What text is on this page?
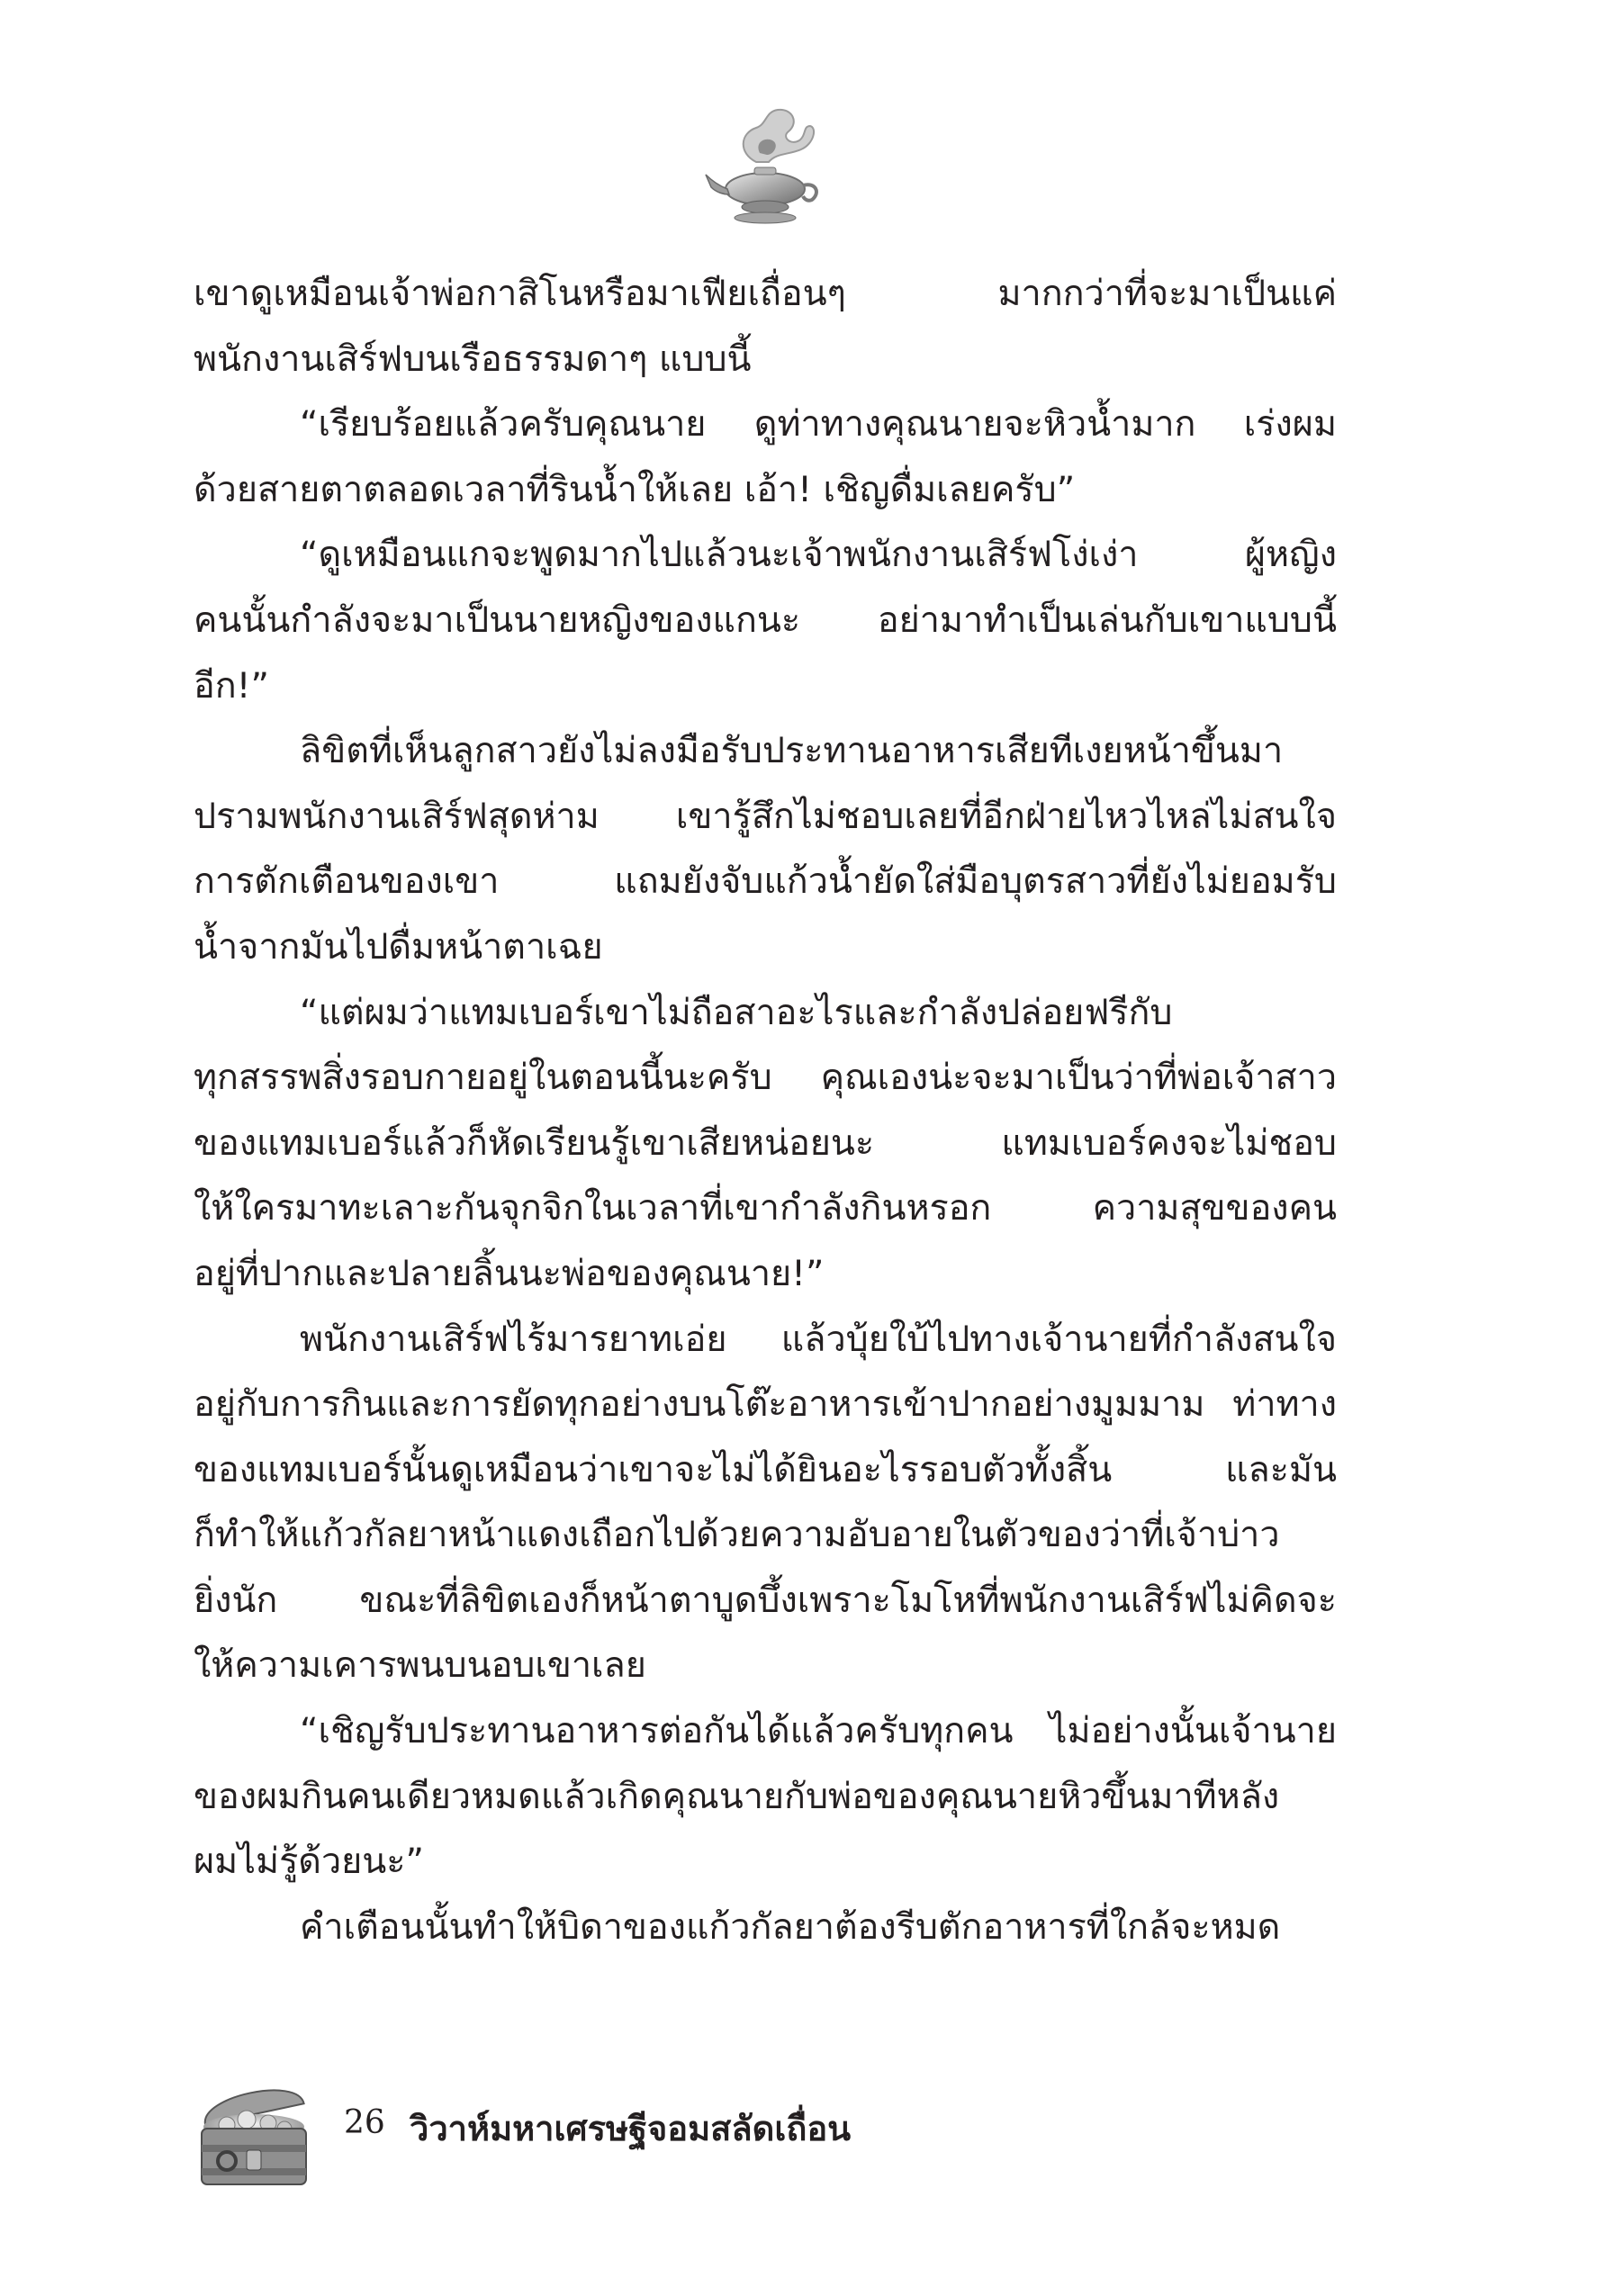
เขาดูเหมือนเจ้าพ่อกาสิโนหรือมาเฟียเถื่อนๆ มากกว่าที่จะมาเป็นแค่
พนักงานเสิร์ฟบนเรือธรรมดาๆ แบบนี้
“เรียบร้อยแล้วครับคุณนาย ดูท่าทางคุณนายจะหิวน้ำมาก เร่งผม
ด้วยสายตาตลอดเวลาที่รินน้ำให้เลย เอ้า! เชิญดื่มเลยครับ”
“ดูเหมือนแกจะพูดมากไปแล้วนะเจ้าพนักงานเสิร์ฟโง่เง่า ผู้หญิง
คนนั้นกำลังจะมาเป็นนายหญิงของแกนะ อย่ามาทำเป็นเล่นกับเขาแบบนี้
อีก!”
ลิขิตที่เห็นลูกสาวยังไม่ลงมือรับประทานอาหารเสียทีเงยหน้าขึ้นมา
ปรามพนักงานเสิร์ฟสุดห่าม เขารู้สึกไม่ชอบเลยที่อีกฝ่ายไหวไหล่ไม่สนใจ
การตักเตือนของเขา แถมยังจับแก้วน้ำยัดใส่มือบุตรสาวที่ยังไม่ยอมรับ
น้ำจากมันไปดื่มหน้าตาเฉย
“แต่ผมว่าแทมเบอร์เขาไม่ถือสาอะไรและกำลังปล่อยฟรีกับ
ทุกสรรพสิ่งรอบกายอยู่ในตอนนี้นะครับ คุณเองน่ะจะมาเป็นว่าที่พ่อเจ้าสาว
ของแทมเบอร์แล้วก็หัดเรียนรู้เขาเสียหน่อยนะ แทมเบอร์คงจะไม่ชอบ
ให้ใครมาทะเลาะกันจุกจิกในเวลาที่เขากำลังกินหรอก ความสุขของคน
อยู่ที่ปากและปลายลิ้นนะพ่อของคุณนาย!”
พนักงานเสิร์ฟไร้มารยาทเอ่ย แล้วบุ้ยใบ้ไปทางเจ้านายที่กำลังสนใจ
อยู่กับการกินและการยัดทุกอย่างบนโต๊ะอาหารเข้าปากอย่างมูมมาม ท่าทาง
ของแทมเบอร์นั้นดูเหมือนว่าเขาจะไม่ได้ยินอะไรรอบตัวทั้งสิ้น และมัน
ก็ทำให้แก้วกัลยาหน้าแดงเถือกไปด้วยความอับอายในตัวของว่าที่เจ้าบ่าว
ยิ่งนัก ขณะที่ลิขิตเองก็หน้าตาบูดบึ้งเพราะโมโหที่พนักงานเสิร์ฟไม่คิดจะ
ให้ความเคารพนบนอบเขาเลย
“เชิญรับประทานอาหารต่อกันได้แล้วครับทุกคน ไม่อย่างนั้นเจ้านาย
ของผมกินคนเดียวหมดแล้วเกิดคุณนายกับพ่อของคุณนายหิวขึ้นมาทีหลัง
ผมไม่รู้ด้วยนะ”
คำเตือนนั้นทำให้บิดาของแก้วกัลยาต้องรีบตักอาหารที่ใกล้จะหมด
26 วิวาห์มหาเศรษฐีจอมสลัดเถื่อน
